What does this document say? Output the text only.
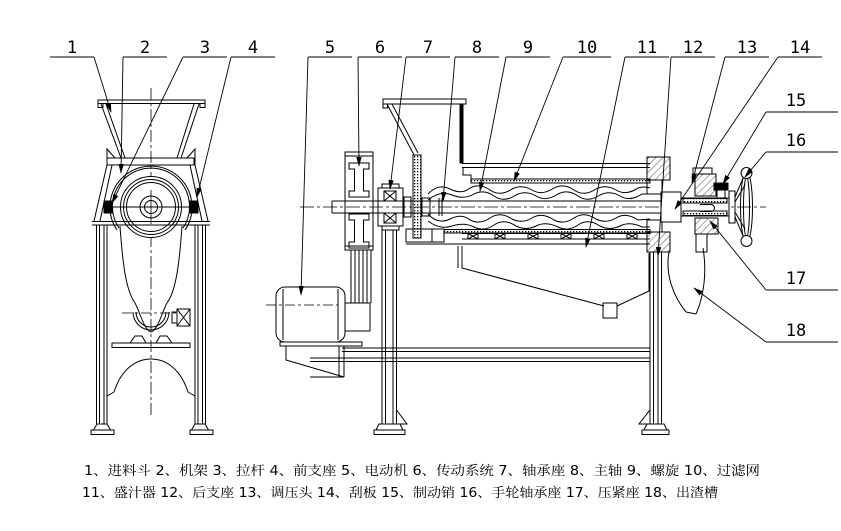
1	2	3 4	5 6 7 8 9	10 11 12 13 14
15
16
17
18
1、进料斗 2、机架 3、拉杆 4、前支座 5、电动机 6、传动系统 7、轴承座 8、主轴 9、螺旋 10、过滤网
11、盛汁器 12、后支座 13、调压头 14、刮板 15、制动销 16、手轮轴承座 17、压紧座 18、出渣槽
